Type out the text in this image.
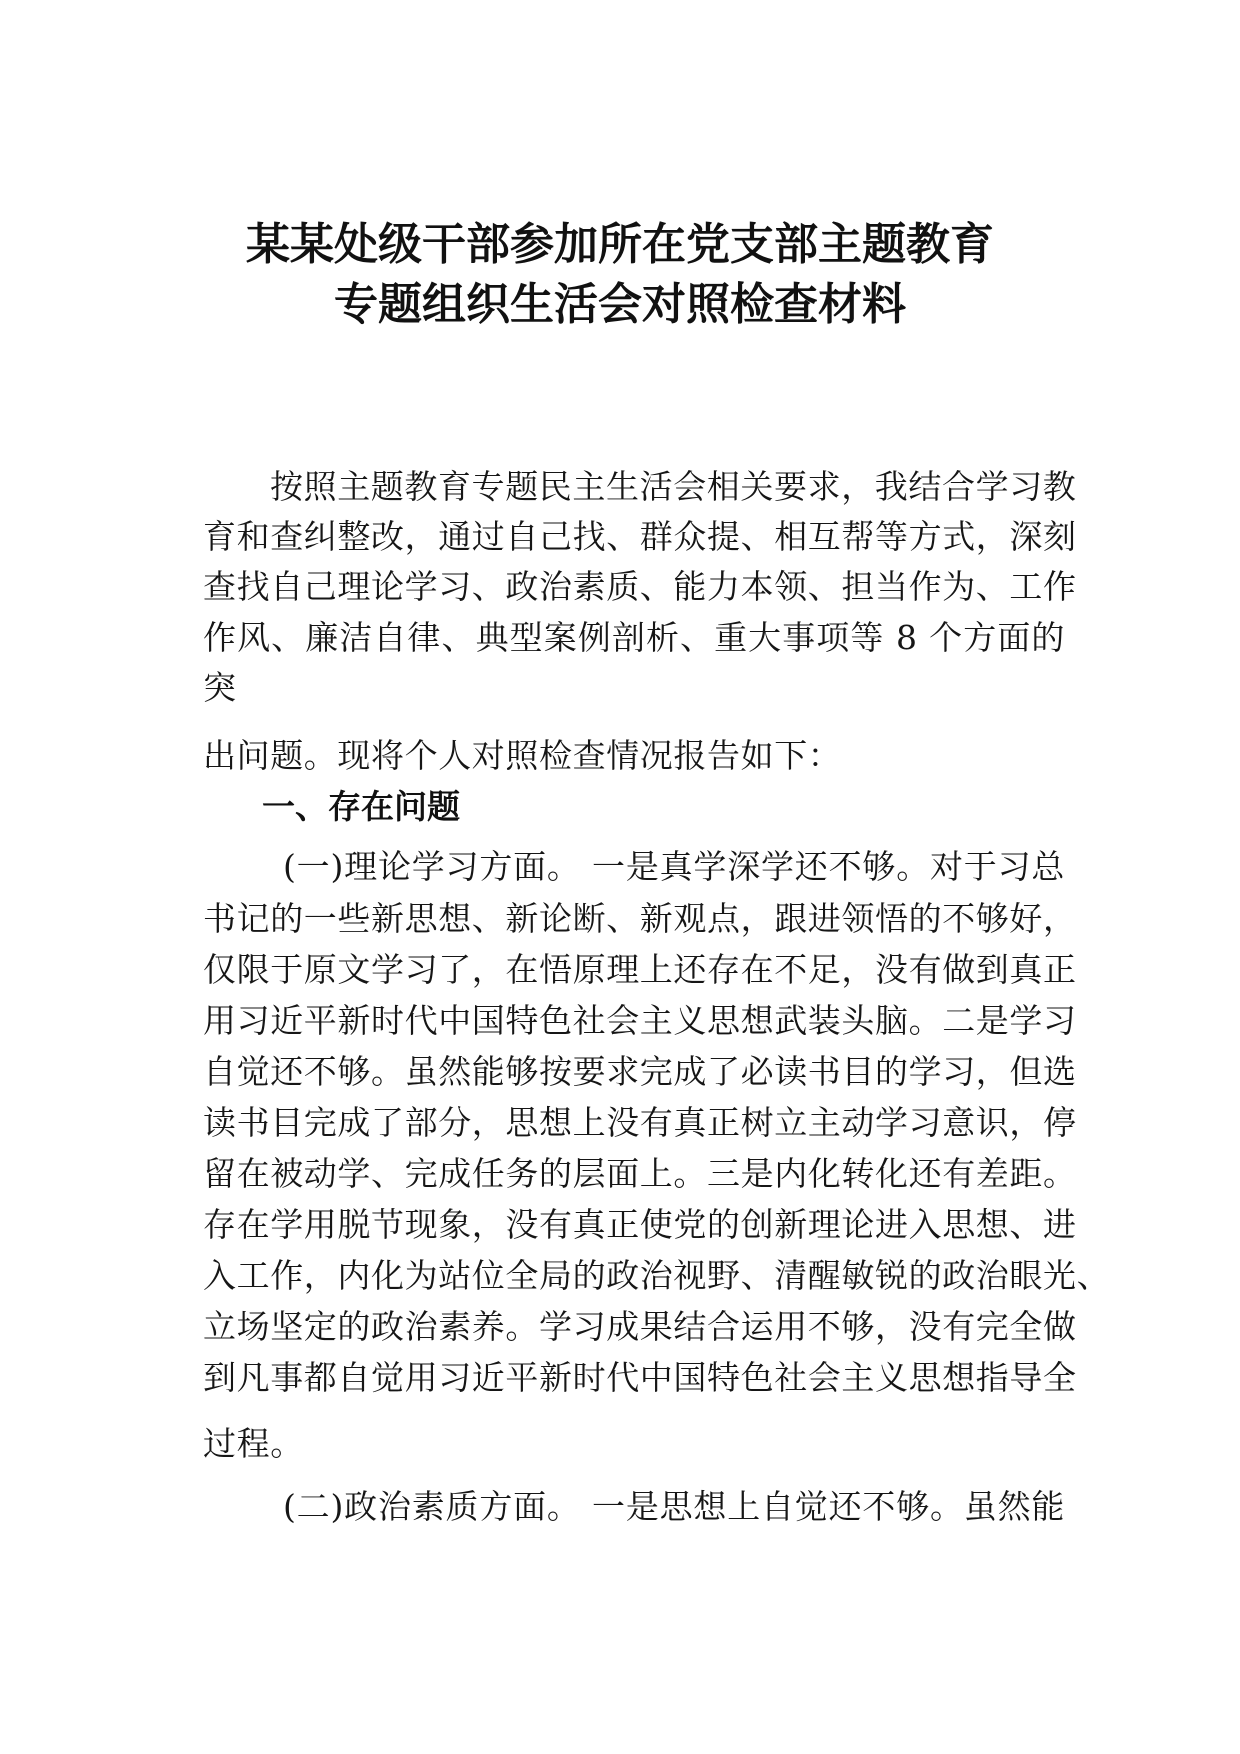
某某处级干部参加所在党支部主题教育
专题组织生活会对照检查材料
按照主题教育专题民主生活会相关要求，我结合学习教
育和查纠整改，通过自己找、群众提、相互帮等方式，深刻
查找自己理论学习、政治素质、能力本领、担当作为、工作
作风、廉洁自律、典型案例剖析、重大事项等 8 个方面的
突
出问题。现将个人对照检查情况报告如下：
一、存在问题
(一)理论学习方面。 一是真学深学还不够。对于习总
书记的一些新思想、新论断、新观点，跟进领悟的不够好，
仅限于原文学习了，在悟原理上还存在不足，没有做到真正
用习近平新时代中国特色社会主义思想武装头脑。二是学习
自觉还不够。虽然能够按要求完成了必读书目的学习，但选
读书目完成了部分，思想上没有真正树立主动学习意识，停
留在被动学、完成任务的层面上。三是内化转化还有差距。
存在学用脱节现象，没有真正使党的创新理论进入思想、进
入工作，内化为站位全局的政治视野、清醒敏锐的政治眼光、
立场坚定的政治素养。学习成果结合运用不够，没有完全做
到凡事都自觉用习近平新时代中国特色社会主义思想指导全
过程。
(二)政治素质方面。 一是思想上自觉还不够。虽然能
